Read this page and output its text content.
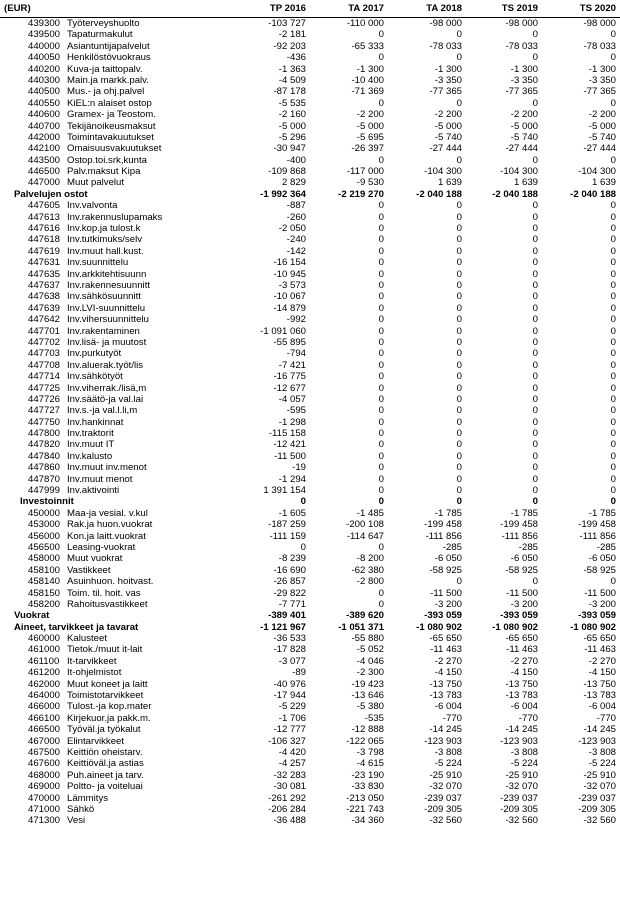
(EUR)	TP 2016	TA 2017	TA 2018	TS 2019	TS 2020
439300 Työterveyshuolto	-103 727	-110 000	-98 000	-98 000	-98 000
439500 Tapaturmakulut	-2 181	0	0	0	0
440000 Asiantuntijapalvelut	-92 203	-65 333	-78 033	-78 033	-78 033
440050 Henkilöstövuokraus	-436	0	0	0	0
440200 Kuva-ja taittopalv.	-1 363	-1 300	-1 300	-1 300	-1 300
440300 Main.ja markk.palv.	-4 509	-10 400	-3 350	-3 350	-3 350
440500 Mus.- ja ohj.palvel	-87 178	-71 369	-77 365	-77 365	-77 365
440550 KiEL:n alaiset ostop	-5 535	0	0	0	0
440600 Gramex- ja Teostom.	-2 160	-2 200	-2 200	-2 200	-2 200
440700 Tekijänoikeusmaksut	-5 000	-5 000	-5 000	-5 000	-5 000
442000 Toimintavakuutukset	-5 296	-5 695	-5 740	-5 740	-5 740
442100 Omaisuusvakuutukset	-30 947	-26 397	-27 444	-27 444	-27 444
443500 Ostop.toi.srk,kunta	-400	0	0	0	0
446500 Palv.maksut Kipa	-109 868	-117 000	-104 300	-104 300	-104 300
447000 Muut palvelut	2 829	-9 530	1 639	1 639	1 639
Palvelujen ostot	-1 992 364	-2 219 270	-2 040 188	-2 040 188	-2 040 188
447605 Inv.valvonta	-887	0	0	0	0
447613 Inv.rakennuslupamaks	-260	0	0	0	0
447616 Inv.kop.ja tulost.k	-2 050	0	0	0	0
447618 Inv.tutkimuks/selv	-240	0	0	0	0
447619 Inv.muut hall.kust.	-142	0	0	0	0
447631 Inv.suunnittelu	-16 154	0	0	0	0
447635 Inv.arkkitehtisuunn	-10 945	0	0	0	0
447637 Inv.rakennesuunnitt	-3 573	0	0	0	0
447638 Inv.sähkösuunnitt	-10 067	0	0	0	0
447639 Inv.LVI-suunnittelu	-14 879	0	0	0	0
447642 Inv.vihersuunnittelu	-992	0	0	0	0
447701 Inv.rakentaminen	-1 091 060	0	0	0	0
447702 Inv.lisä- ja muutost	-55 895	0	0	0	0
447703 Inv.purkutyöt	-794	0	0	0	0
447708 Inv.aluerak.työt/lis	-7 421	0	0	0	0
447714 Inv.sähkötyöt	-16 775	0	0	0	0
447725 Inv.viherrak./lisä,m	-12 677	0	0	0	0
447726 Inv.säätö-ja val.lai	-4 057	0	0	0	0
447727 Inv.s.-ja val.l.li,m	-595	0	0	0	0
447750 Inv.hankinnat	-1 298	0	0	0	0
447800 Inv.traktorit	-115 158	0	0	0	0
447820 Inv.muut IT	-12 421	0	0	0	0
447840 Inv.kalusto	-11 500	0	0	0	0
447860 Inv.muut inv.menot	-19	0	0	0	0
447870 Inv.muut menot	-1 294	0	0	0	0
447999 Inv.aktivointi	1 391 154	0	0	0	0
Investoinnit	0	0	0	0	0
450000 Maa-ja vesial. v.kul	-1 605	-1 485	-1 785	-1 785	-1 785
453000 Rak.ja huon.vuokrat	-187 259	-200 108	-199 458	-199 458	-199 458
456000 Kon.ja laitt.vuokrat	-111 159	-114 647	-111 856	-111 856	-111 856
456500 Leasing-vuokrat	0	0	-285	-285	-285
458000 Muut vuokrat	-8 239	-8 200	-6 050	-6 050	-6 050
458100 Vastikkeet	-16 690	-62 380	-58 925	-58 925	-58 925
458140 Asuinhuon. hoitvast.	-26 857	-2 800	0	0	0
458150 Toim. til. hoit. vas	-29 822	0	-11 500	-11 500	-11 500
458200 Rahoitusvastikkeet	-7 771	0	-3 200	-3 200	-3 200
Vuokrat	-389 401	-389 620	-393 059	-393 059	-393 059
Aineet, tarvikkeet ja tavarat	-1 121 967	-1 051 371	-1 080 902	-1 080 902	-1 080 902
460000 Kalusteet	-36 533	-55 880	-65 650	-65 650	-65 650
461000 Tietok./muut it-lait	-17 828	-5 052	-11 463	-11 463	-11 463
461100 It-tarvikkeet	-3 077	-4 046	-2 270	-2 270	-2 270
461200 It-ohjelmistot	-89	-2 300	-4 150	-4 150	-4 150
462000 Muut koneet ja laitt	-40 976	-19 423	-13 750	-13 750	-13 750
464000 Toimistotarvikkeet	-17 944	-13 646	-13 783	-13 783	-13 783
466000 Tulost.-ja kop.mater	-5 229	-5 380	-6 004	-6 004	-6 004
466100 Kirjekuor.ja pakk.m.	-1 706	-535	-770	-770	-770
466500 Työväl.ja työkalut	-12 777	-12 888	-14 245	-14 245	-14 245
467000 Elintarvikkeet	-106 327	-122 065	-123 903	-123 903	-123 903
467500 Keittiön oheistarv.	-4 420	-3 798	-3 808	-3 808	-3 808
467600 Keittiöväl.ja astias	-4 257	-4 615	-5 224	-5 224	-5 224
468000 Puh.aineet ja tarv.	-32 283	-23 190	-25 910	-25 910	-25 910
469000 Poltto- ja voiteluai	-30 081	-33 830	-32 070	-32 070	-32 070
470000 Lämmitys	-261 292	-213 050	-239 037	-239 037	-239 037
471000 Sähkö	-206 284	-221 743	-209 305	-209 305	-209 305
471300 Vesi	-36 488	-34 360	-32 560	-32 560	-32 560
